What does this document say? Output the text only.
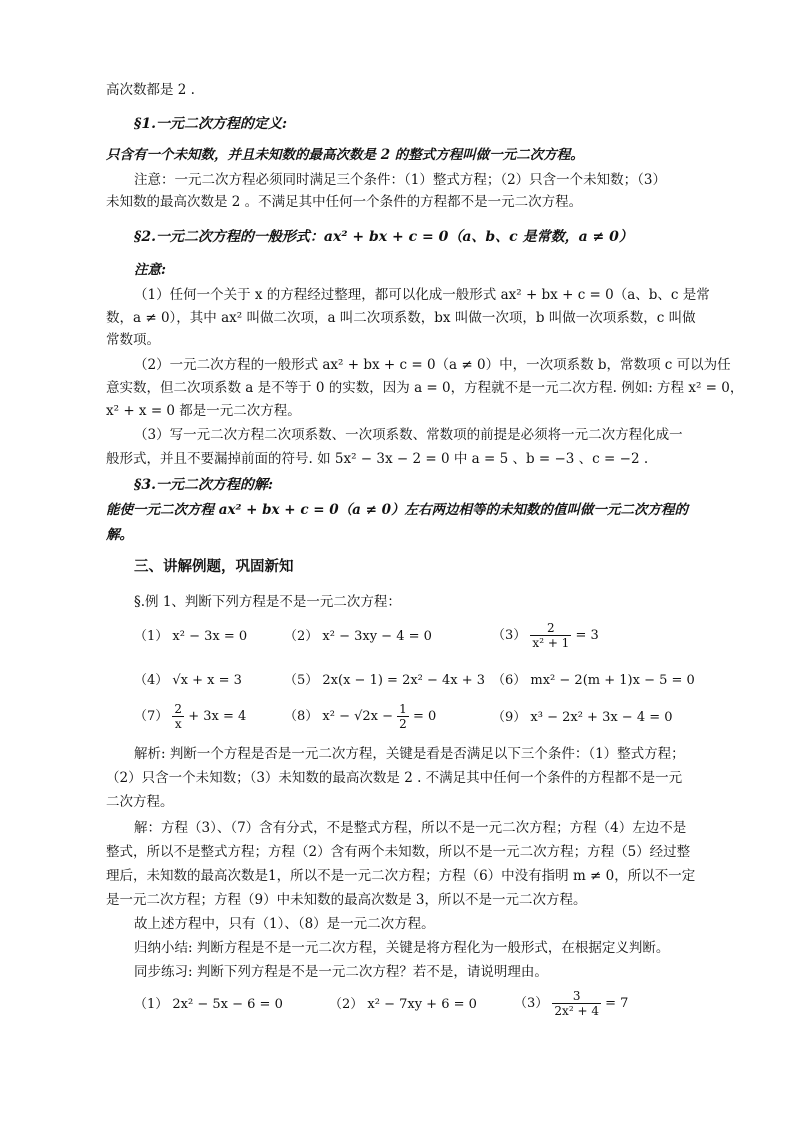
高次数都是 2 .
§1.一元二次方程的定义:
只含有一个未知数，并且未知数的最高次数是 2 的整式方程叫做一元二次方程。
注意：一元二次方程必须同时满足三个条件：（1）整式方程；（2）只含一个未知数；（3）
未知数的最高次数是 2 。不满足其中任何一个条件的方程都不是一元二次方程。
§2.一元二次方程的一般形式：ax² + bx + c = 0（a、b、c 是常数，a ≠ 0）
注意:
（1）任何一个关于 x 的方程经过整理，都可以化成一般形式 ax² + bx + c = 0（a、b、c 是常
数，a ≠ 0），其中 ax² 叫做二次项，a 叫二次项系数，bx 叫做一次项，b 叫做一次项系数，c 叫做
常数项。
（2）一元二次方程的一般形式 ax² + bx + c = 0（a ≠ 0）中，一次项系数 b，常数项 c 可以为任
意实数，但二次项系数 a 是不等于 0 的实数，因为 a = 0，方程就不是一元二次方程. 例如: 方程 x² = 0，
x² + x = 0 都是一元二次方程。
（3）写一元二次方程二次项系数、一次项系数、常数项的前提是必须将一元二次方程化成一
般形式，并且不要漏掉前面的符号. 如 5x² − 3x − 2 = 0 中 a = 5 、b = −3 、c = −2 .
§3.一元二次方程的解:
能使一元二次方程 ax² + bx + c = 0（a ≠ 0）左右两边相等的未知数的值叫做一元二次方程的
解。
三、讲解例题，巩固新知
§.例 1、判断下列方程是不是一元二次方程：
（1） x² − 3x = 0	（2） x² − 3xy − 4 = 0	$(3) \frac{2}{\text{x² + 1}} = 3$
（4） √x + x = 3	（5） 2x(x − 1) = 2x² − 4x + 3 （6） mx² − 2(m + 1)x − 5 = 0
$(7) \frac{2}{x} + 3x = 4$	（8） $x^2 - √2x - \frac{1}{2} = 0$	（9） x³ − 2x² + 3x − 4 = 0
解析: 判断一个方程是否是一元二次方程，关键是看是否满足以下三个条件：（1）整式方程；
（2）只含一个未知数；（3）未知数的最高次数是 2 . 不满足其中任何一个条件的方程都不是一元
二次方程。
解：方程（3）、（7）含有分式，不是整式方程，所以不是一元二次方程；方程（4）左边不是
整式，所以不是整式方程；方程（2）含有两个未知数，所以不是一元二次方程；方程（5）经过整
理后，未知数的最高次数是1，所以不是一元二次方程；方程（6）中没有指明 m ≠ 0，所以不一定
是一元二次方程；方程（9）中未知数的最高次数是 3，所以不是一元二次方程。
故上述方程中，只有（1）、（8）是一元二次方程。
归纳小结: 判断方程是不是一元二次方程，关键是将方程化为一般形式，在根据定义判断。
同步练习: 判断下列方程是不是一元二次方程？若不是，请说明理由。
（1） 2x² − 5x − 6 = 0	（2） x² − 7xy + 6 = 0	$(3) \frac{3}{\text{2x² + 4}} = 7$
